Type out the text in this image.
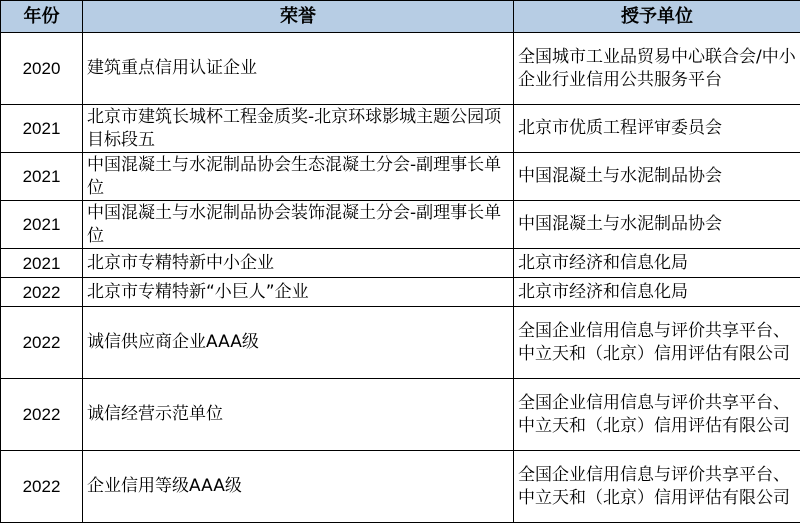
年份	荣誉	授予单位
2020	建筑重点信用认证企业	全国城市工业品贸易中心联合会/中小企业行业信用公共服务平台
2021	北京市建筑长城杯工程金质奖-北京环球影城主题公园项目标段五	北京市优质工程评审委员会
2021	中国混凝土与水泥制品协会生态混凝土分会-副理事长单位	中国混凝土与水泥制品协会
2021	中国混凝土与水泥制品协会装饰混凝土分会-副理事长单位	中国混凝土与水泥制品协会
2021	北京市专精特新中小企业	北京市经济和信息化局
2022	北京市专精特新“小巨人”企业	北京市经济和信息化局
2022	诚信供应商企业AAA级	全国企业信用信息与评价共享平台、中立天和（北京）信用评估有限公司
2022	诚信经营示范单位	全国企业信用信息与评价共享平台、中立天和（北京）信用评估有限公司
2022	企业信用等级AAA级	全国企业信用信息与评价共享平台、中立天和（北京）信用评估有限公司
